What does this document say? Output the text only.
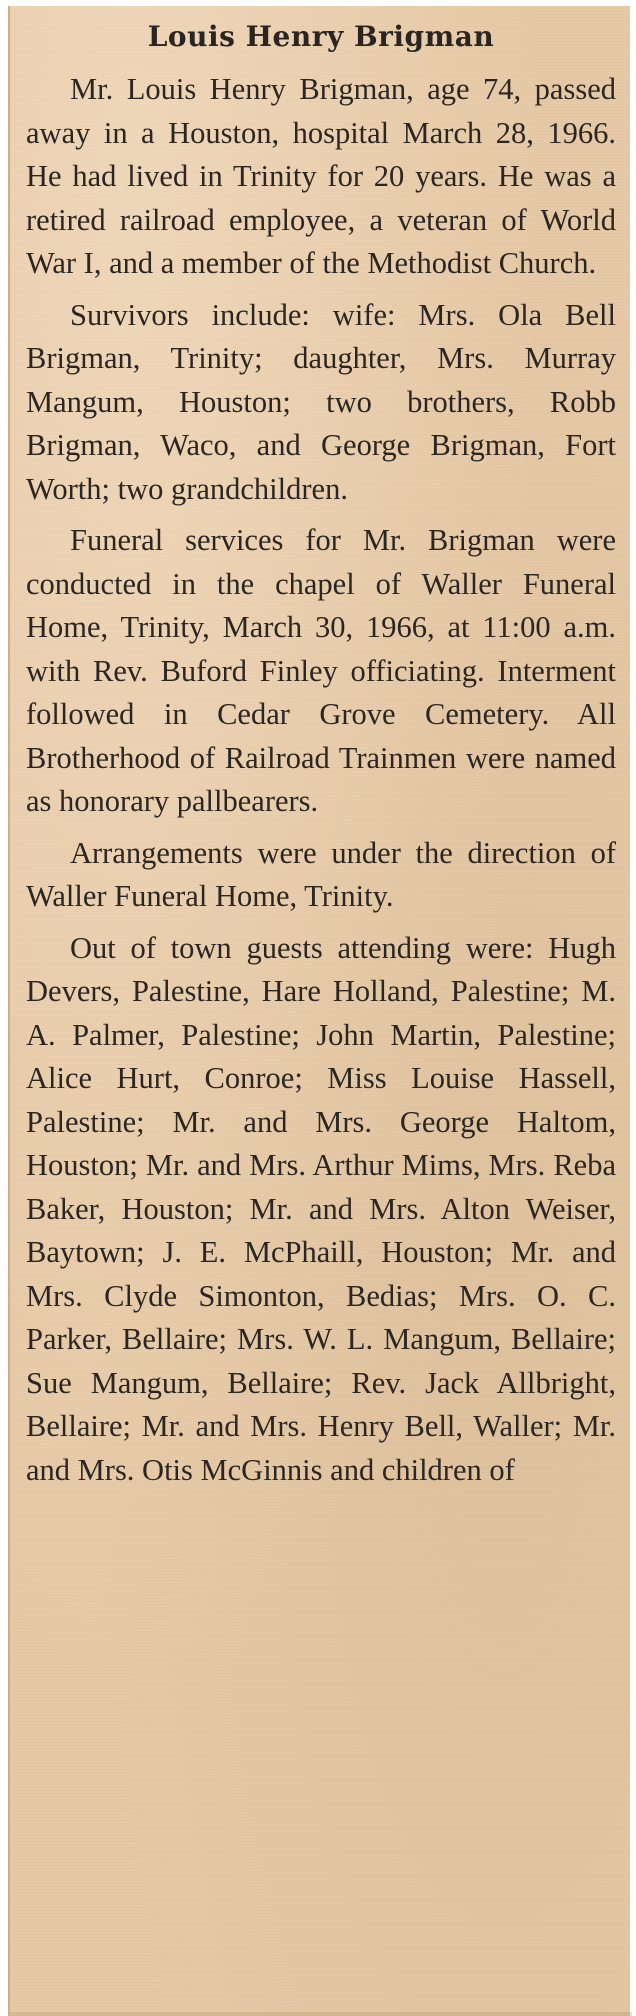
Louis Henry Brigman

Mr. Louis Henry Brigman, age 74, passed away in a Houston, hospital March 28, 1966. He had lived in Trinity for 20 years. He was a retired railroad employee, a veteran of World War I, and a member of the Methodist Church.

Survivors include: wife: Mrs. Ola Bell Brigman, Trinity; daughter, Mrs. Murray Mangum, Houston; two brothers, Robb Brigman, Waco, and George Brigman, Fort Worth; two grandchildren.

Funeral services for Mr. Brigman were conducted in the chapel of Waller Funeral Home, Trinity, March 30, 1966, at 11:00 a.m. with Rev. Buford Finley officiating. Interment followed in Cedar Grove Cemetery. All Brotherhood of Railroad Trainmen were named as honorary pallbearers.

Arrangements were under the direction of Waller Funeral Home, Trinity.

Out of town guests attending were: Hugh Devers, Palestine, Hare Holland, Palestine; M. A. Palmer, Palestine; John Martin, Palestine; Alice Hurt, Conroe; Miss Louise Hassell, Palestine; Mr. and Mrs. George Haltom, Houston; Mr. and Mrs. Arthur Mims, Mrs. Reba Baker, Houston; Mr. and Mrs. Alton Weiser, Baytown; J. E. McPhaill, Houston; Mr. and Mrs. Clyde Simonton, Bedias; Mrs. O. C. Parker, Bellaire; Mrs. W. L. Mangum, Bellaire; Sue Mangum, Bellaire; Rev. Jack Allbright, Bellaire; Mr. and Mrs. Henry Bell, Waller; Mr. and Mrs. Otis McGinnis and children of
